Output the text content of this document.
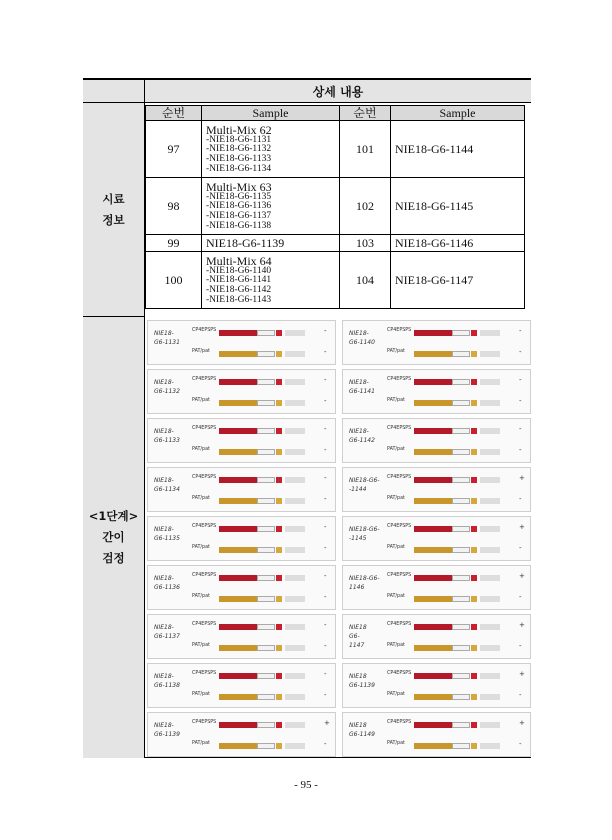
상세 내용
시료
정보
<1단계>
간이
검정
순번	Sample	순번	Sample
97	Multi-Mix 62
-NIE18-G6-1131
-NIE18-G6-1132
-NIE18-G6-1133
-NIE18-G6-1134	101	NIE18-G6-1144
98	Multi-Mix 63
-NIE18-G6-1135
-NIE18-G6-1136
-NIE18-G6-1137
-NIE18-G6-1138	102	NIE18-G6-1145
99	NIE18-G6-1139	103	NIE18-G6-1146
100	Multi-Mix 64
-NIE18-G6-1140
-NIE18-G6-1141
-NIE18-G6-1142
-NIE18-G6-1143	104	NIE18-G6-1147
NIE18-
G6-1131
CP4EPSPS
PAT/pat
-
-
NIE18-
G6-1140
CP4EPSPS
PAT/pat
-
-
NIE18-
G6-1132
CP4EPSPS
PAT/pat
-
-
NIE18-
G6-1141
CP4EPSPS
PAT/pat
-
-
NIE18-
G6-1133
CP4EPSPS
PAT/pat
-
-
NIE18-
G6-1142
CP4EPSPS
PAT/pat
-
-
NIE18-
G6-1134
CP4EPSPS
PAT/pat
-
-
NIE18-G6-
-1144
CP4EPSPS
PAT/pat
+
-
NIE18-
G6-1135
CP4EPSPS
PAT/pat
-
-
NIE18-G6-
-1145
CP4EPSPS
PAT/pat
+
-
NIE18-
G6-1136
CP4EPSPS
PAT/pat
-
-
NIE18-G6-
1146
CP4EPSPS
PAT/pat
+
-
NIE18-
G6-1137
CP4EPSPS
PAT/pat
-
-
NIE18
G6-
1147
CP4EPSPS
PAT/pat
+
-
NIE18-
G6-1138
CP4EPSPS
PAT/pat
-
-
NIE18
G6-1139
CP4EPSPS
PAT/pat
+
-
NIE18-
G6-1139
CP4EPSPS
PAT/pat
+
-
NIE18
G6-1149
CP4EPSPS
PAT/pat
+
-
- 95 -
